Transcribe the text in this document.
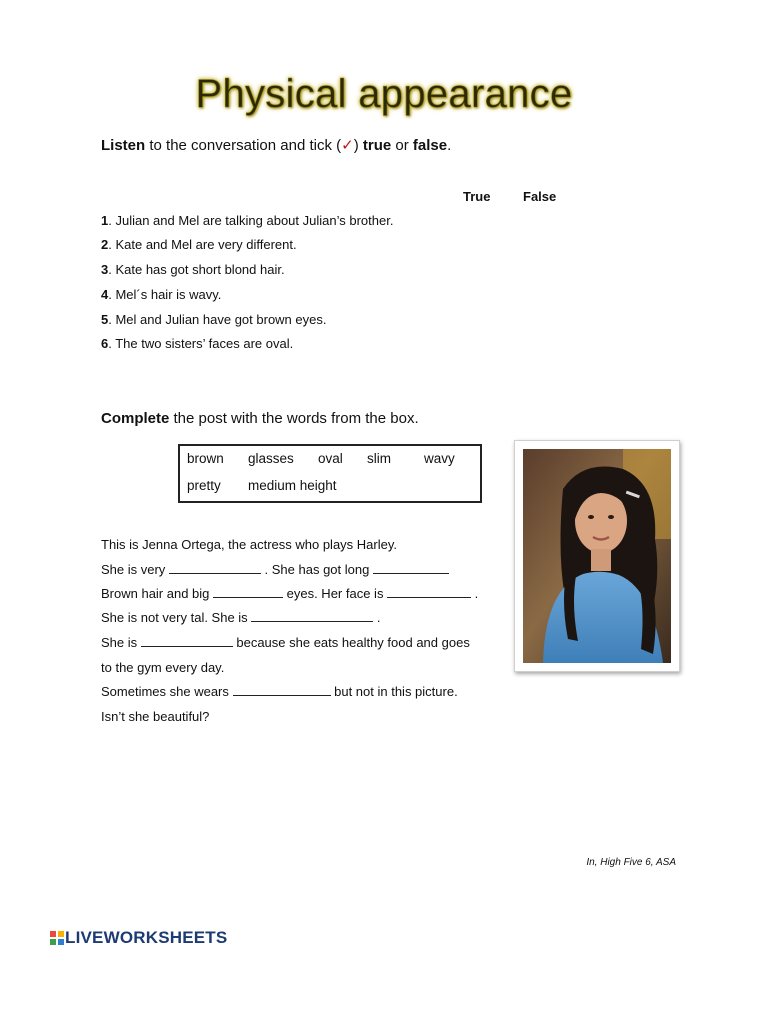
Physical appearance
Listen to the conversation and tick (✓) true or false.
True	False
1. Julian and Mel are talking about Julian’s brother.
2. Kate and Mel are very different.
3. Kate has got short blond hair.
4. Mel´s hair is wavy.
5. Mel and Julian have got brown eyes.
6. The two sisters’ faces are oval.
Complete the post with the words from the box.
brown glasses oval slim wavy
pretty medium height
This is Jenna Ortega, the actress who plays Harley.
She is very	. She has got long
Brown hair and big	eyes. Her face is	.
She is not very tal. She is	.
She is	because she eats healthy food and goes
to the gym every day.
Sometimes she wears	but not in this picture.
Isn’t she beautiful?
In, High Five 6, ASA
LIVEWORKSHEETS
